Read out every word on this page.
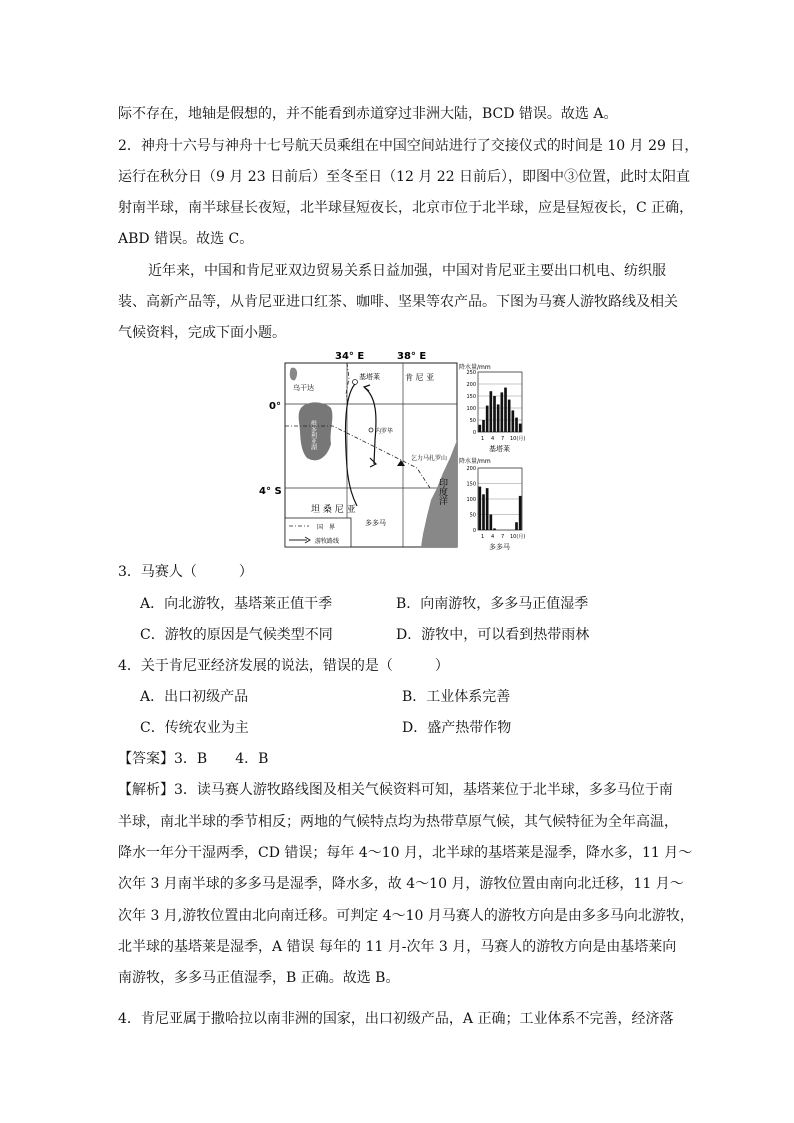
际不存在，地轴是假想的，并不能看到赤道穿过非洲大陆，BCD 错误。故选 A。
2．神舟十六号与神舟十七号航天员乘组在中国空间站进行了交接仪式的时间是 10 月 29 日，
运行在秋分日（9 月 23 日前后）至冬至日（12 月 22 日前后），即图中③位置，此时太阳直
射南半球，南半球昼长夜短，北半球昼短夜长，北京市位于北半球，应是昼短夜长，C 正确，
ABD 错误。故选 C。
近年来，中国和肯尼亚双边贸易关系日益加强，中国对肯尼亚主要出口机电、纺织服
装、高新产品等，从肯尼亚进口红茶、咖啡、坚果等农产品。下图为马赛人游牧路线及相关
气候资料，完成下面小题。
34° E	38° E
0°
4° S	印度洋
维多利亚湖
乌干达
肯 尼 亚
坦 桑 尼 亚
基塔莱
内罗毕
乞力马扎罗山
多多马
国　界
游牧路线
降水量/mm
250
200
150
100
50
0
1 4 7 10(月)
基塔莱
降水量/mm
200
150
100
50
0
1 4 7 10(月)
多多马
3．马赛人（　　　）
A．向北游牧，基塔莱正值干季	B．向南游牧，多多马正值湿季
C．游牧的原因是气候类型不同	D．游牧中，可以看到热带雨林
4．关于肯尼亚经济发展的说法，错误的是（　　　）
A．出口初级产品	B．工业体系完善
C．传统农业为主	D．盛产热带作物
【答案】3．B　　4．B
【解析】3．读马赛人游牧路线图及相关气候资料可知，基塔莱位于北半球，多多马位于南
半球，南北半球的季节相反；两地的气候特点均为热带草原气候，其气候特征为全年高温，
降水一年分干湿两季，CD 错误；每年 4～10 月，北半球的基塔莱是湿季，降水多，11 月～
次年 3 月南半球的多多马是湿季，降水多，故 4～10 月，游牧位置由南向北迁移，11 月～
次年 3 月,游牧位置由北向南迁移。可判定 4～10 月马赛人的游牧方向是由多多马向北游牧，
北半球的基塔莱是湿季，A 错误 每年的 11 月-次年 3 月，马赛人的游牧方向是由基塔莱向
南游牧，多多马正值湿季，B 正确。故选 B。
4．肯尼亚属于撒哈拉以南非洲的国家，出口初级产品，A 正确；工业体系不完善，经济落
